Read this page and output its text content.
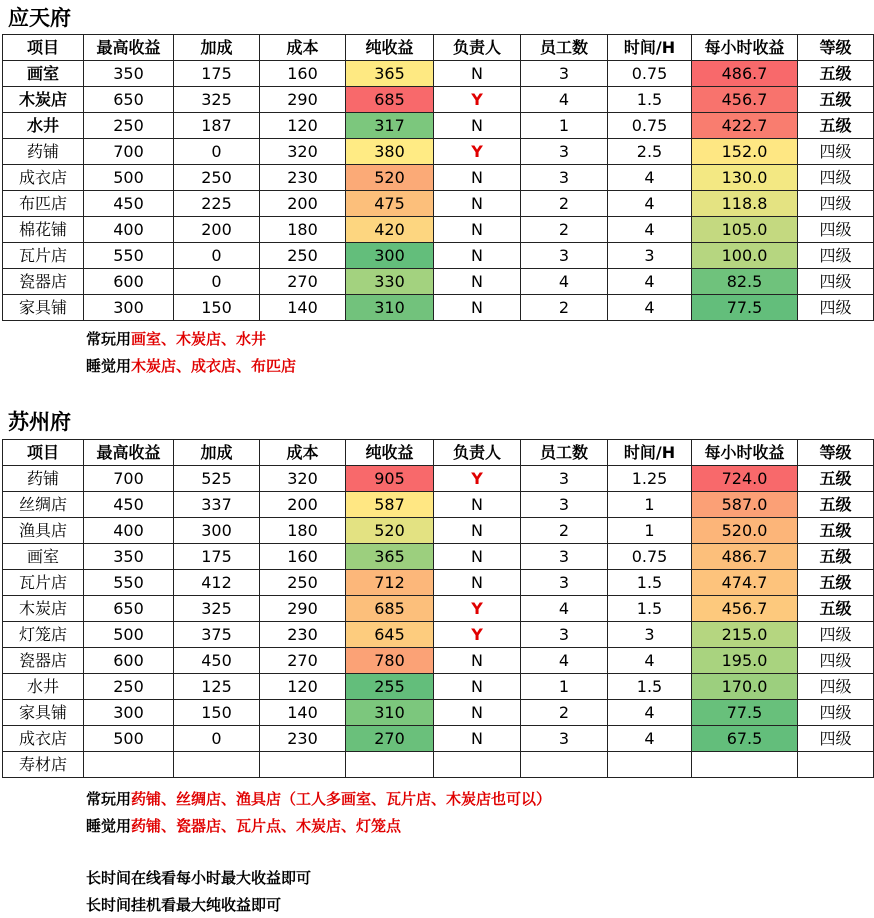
应天府
项目	最高收益	加成	成本	纯收益	负责人	员工数	时间/H	每小时收益	等级
画室	350	175	160	365	N	3	0.75	486.7	五级
木炭店	650	325	290	685	Y	4	1.5	456.7	五级
水井	250	187	120	317	N	1	0.75	422.7	五级
药铺	700	0	320	380	Y	3	2.5	152.0	四级
成衣店	500	250	230	520	N	3	4	130.0	四级
布匹店	450	225	200	475	N	2	4	118.8	四级
棉花铺	400	200	180	420	N	2	4	105.0	四级
瓦片店	550	0	250	300	N	3	3	100.0	四级
瓷器店	600	0	270	330	N	4	4	82.5	四级
家具铺	300	150	140	310	N	2	4	77.5	四级
常玩用画室、木炭店、水井
睡觉用木炭店、成衣店、布匹店
苏州府
项目	最高收益	加成	成本	纯收益	负责人	员工数	时间/H	每小时收益	等级
药铺	700	525	320	905	Y	3	1.25	724.0	五级
丝绸店	450	337	200	587	N	3	1	587.0	五级
渔具店	400	300	180	520	N	2	1	520.0	五级
画室	350	175	160	365	N	3	0.75	486.7	五级
瓦片店	550	412	250	712	N	3	1.5	474.7	五级
木炭店	650	325	290	685	Y	4	1.5	456.7	五级
灯笼店	500	375	230	645	Y	3	3	215.0	四级
瓷器店	600	450	270	780	N	4	4	195.0	四级
水井	250	125	120	255	N	1	1.5	170.0	四级
家具铺	300	150	140	310	N	2	4	77.5	四级
成衣店	500	0	230	270	N	3	4	67.5	四级
寿材店									
常玩用药铺、丝绸店、渔具店（工人多画室、瓦片店、木炭店也可以）
睡觉用药铺、瓷器店、瓦片点、木炭店、灯笼点
长时间在线看每小时最大收益即可
长时间挂机看最大纯收益即可
